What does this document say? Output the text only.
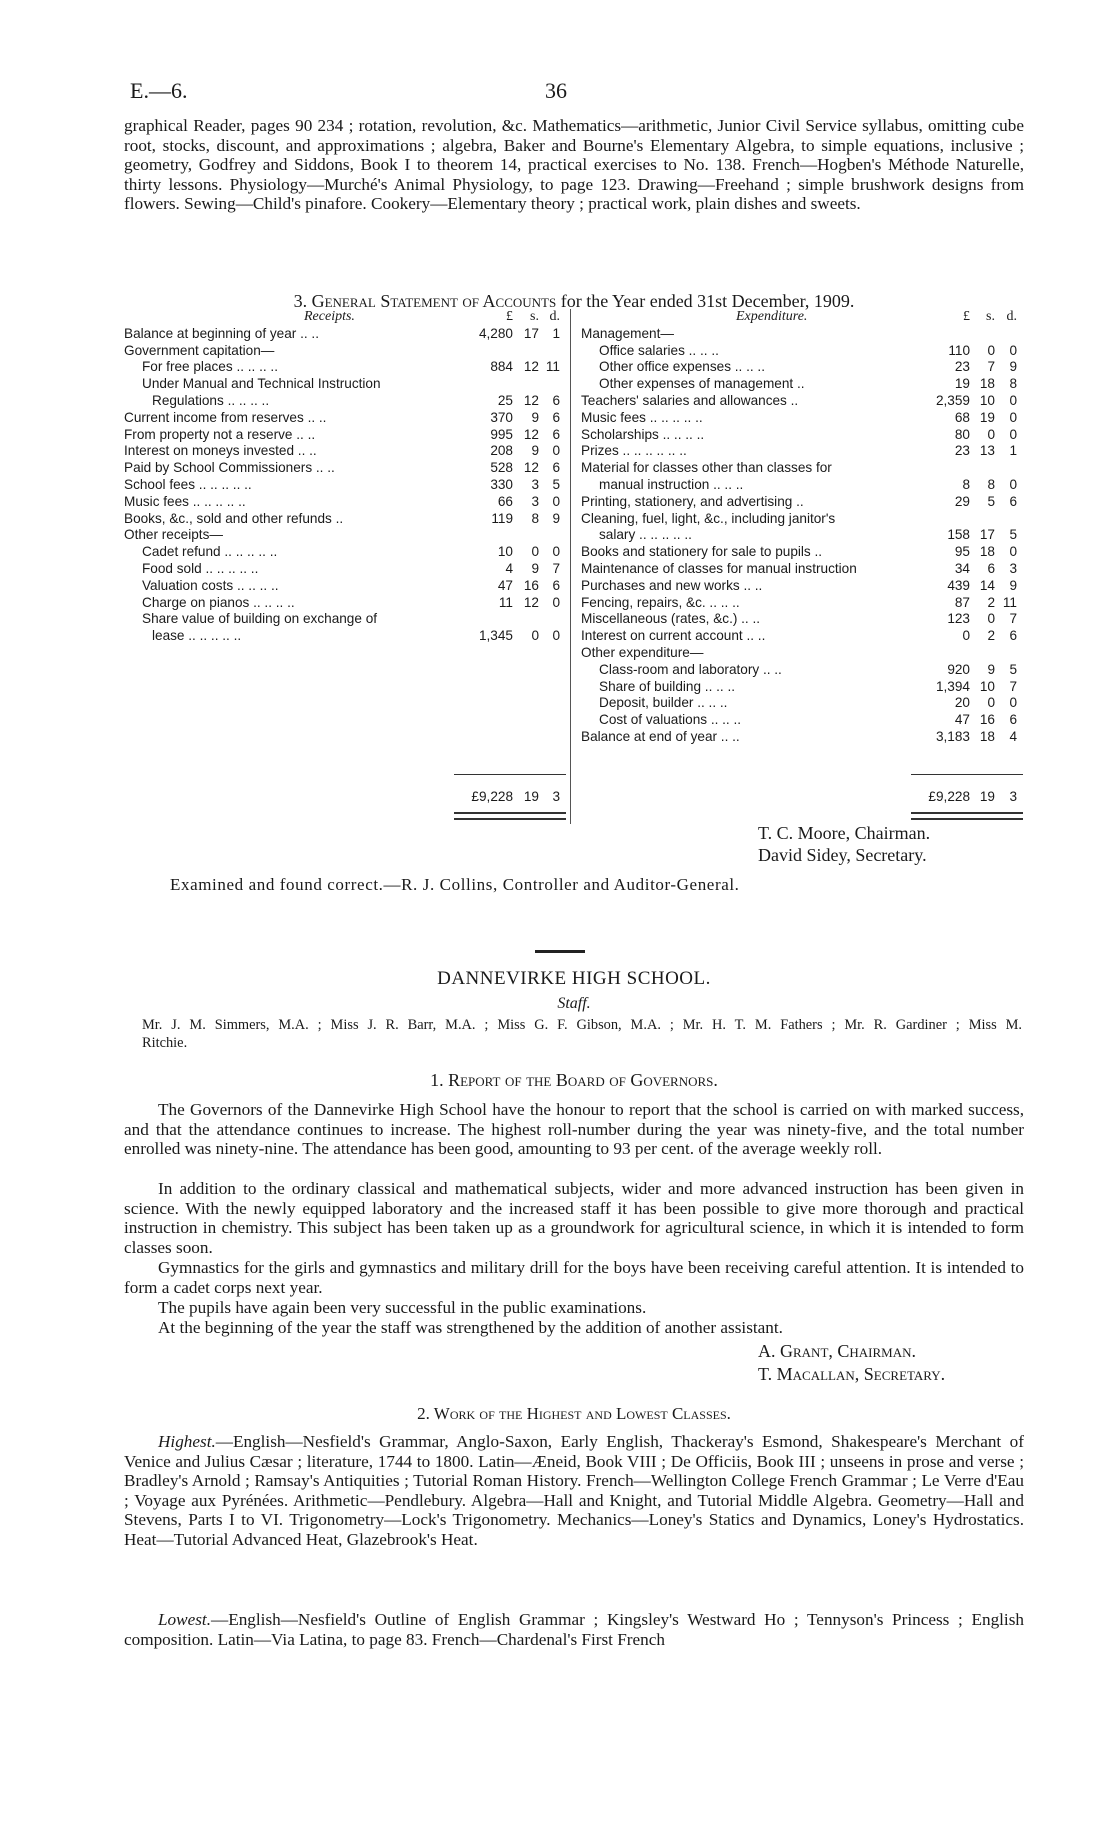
E.—6.	36

graphical Reader, pages 90 234 ; rotation, revolution, &c. Mathematics—arithmetic, Junior Civil Service syllabus, omitting cube root, stocks, discount, and approximations ; algebra, Baker and Bourne's Elementary Algebra, to simple equations, inclusive ; geometry, Godfrey and Siddons, Book I to theorem 14, practical exercises to No. 138. French—Hogben's Méthode Naturelle, thirty lessons. Physiology—Murché's Animal Physiology, to page 123. Drawing—Freehand ; simple brushwork designs from flowers. Sewing—Child's pinafore. Cookery—Elementary theory ; practical work, plain dishes and sweets.

3. General Statement of Accounts for the Year ended 31st December, 1909.

Receipts.	£	s. d.
Balance at beginning of year .. ..	4,280 17 1
Government capitation—
For free places .. .. .. ..	884 12 11
Under Manual and Technical Instruction
Regulations .. .. .. ..	25 12 6
Current income from reserves .. ..	370	9 6
From property not a reserve .. ..	995 12 6
Interest on moneys invested .. ..	208	9 0
Paid by School Commissioners .. ..	528 12 6
School fees .. .. .. .. ..	330	3 5
Music fees .. .. .. .. ..	66	3 0
Books, &c., sold and other refunds ..	119	8 9
Other receipts—
Cadet refund .. .. .. .. ..	10	0 0
Food sold .. .. .. .. ..	4	9 7
Valuation costs .. .. .. ..	47 16 6
Charge on pianos .. .. .. ..	11 12 0
Share value of building on exchange of
lease .. .. .. .. ..	1,345	0 0
£9,228 19 3
Expenditure.	£	s. d.
Management—
Office salaries .. .. ..	110	0	0
Other office expenses .. .. ..	23	7	9
Other expenses of management ..	19 18	8
Teachers' salaries and allowances ..	2,359 10	0
Music fees .. .. .. .. ..	68 19	0
Scholarships .. .. .. ..	80	0	0
Prizes .. .. .. .. .. ..	23 13	1
Material for classes other than classes for
manual instruction .. .. ..	8	8	0
Printing, stationery, and advertising ..	29	5	6
Cleaning, fuel, light, &c., including janitor's
salary .. .. .. .. ..	158 17	5
Books and stationery for sale to pupils ..	95 18	0
Maintenance of classes for manual instruction	34	6	3
Purchases and new works .. ..	439 14	9
Fencing, repairs, &c. .. .. ..	87	2 11
Miscellaneous (rates, &c.) .. ..	123	0	7
Interest on current account .. ..	0	2	6
Other expenditure—
Class-room and laboratory .. ..	920	9	5
Share of building .. .. ..	1,394 10	7
Deposit, builder .. .. ..	20	0	0
Cost of valuations .. .. ..	47 16	6
Balance at end of year .. ..	3,183 18	4
£9,228 19	3
T. C. Moore, Chairman.
David Sidey, Secretary.

Examined and found correct.—R. J. Collins, Controller and Auditor-General.

DANNEVIRKE HIGH SCHOOL.

Staff.

Mr. J. M. Simmers, M.A. ; Miss J. R. Barr, M.A. ; Miss G. F. Gibson, M.A. ; Mr. H. T. M. Fathers ; Mr. R. Gardiner ; Miss M. Ritchie.

1. Report of the Board of Governors.

The Governors of the Dannevirke High School have the honour to report that the school is carried on with marked success, and that the attendance continues to increase. The highest roll-number during the year was ninety-five, and the total number enrolled was ninety-nine. The attendance has been good, amounting to 93 per cent. of the average weekly roll.

In addition to the ordinary classical and mathematical subjects, wider and more advanced instruction has been given in science. With the newly equipped laboratory and the increased staff it has been possible to give more thorough and practical instruction in chemistry. This subject has been taken up as a groundwork for agricultural science, in which it is intended to form classes soon.

Gymnastics for the girls and gymnastics and military drill for the boys have been receiving careful attention. It is intended to form a cadet corps next year.

The pupils have again been very successful in the public examinations.

At the beginning of the year the staff was strengthened by the addition of another assistant.

A. Grant, Chairman.
T. Macallan, Secretary.

2. Work of the Highest and Lowest Classes.

Highest.—English—Nesfield's Grammar, Anglo-Saxon, Early English, Thackeray's Esmond, Shakespeare's Merchant of Venice and Julius Cæsar ; literature, 1744 to 1800. Latin—Æneid, Book VIII ; De Officiis, Book III ; unseens in prose and verse ; Bradley's Arnold ; Ramsay's Antiquities ; Tutorial Roman History. French—Wellington College French Grammar ; Le Verre d'Eau ; Voyage aux Pyrénées. Arithmetic—Pendlebury. Algebra—Hall and Knight, and Tutorial Middle Algebra. Geometry—Hall and Stevens, Parts I to VI. Trigonometry—Lock's Trigonometry. Mechanics—Loney's Statics and Dynamics, Loney's Hydrostatics. Heat—Tutorial Advanced Heat, Glazebrook's Heat.

Lowest.—English—Nesfield's Outline of English Grammar ; Kingsley's Westward Ho ; Tennyson's Princess ; English composition. Latin—Via Latina, to page 83. French—Chardenal's First French
